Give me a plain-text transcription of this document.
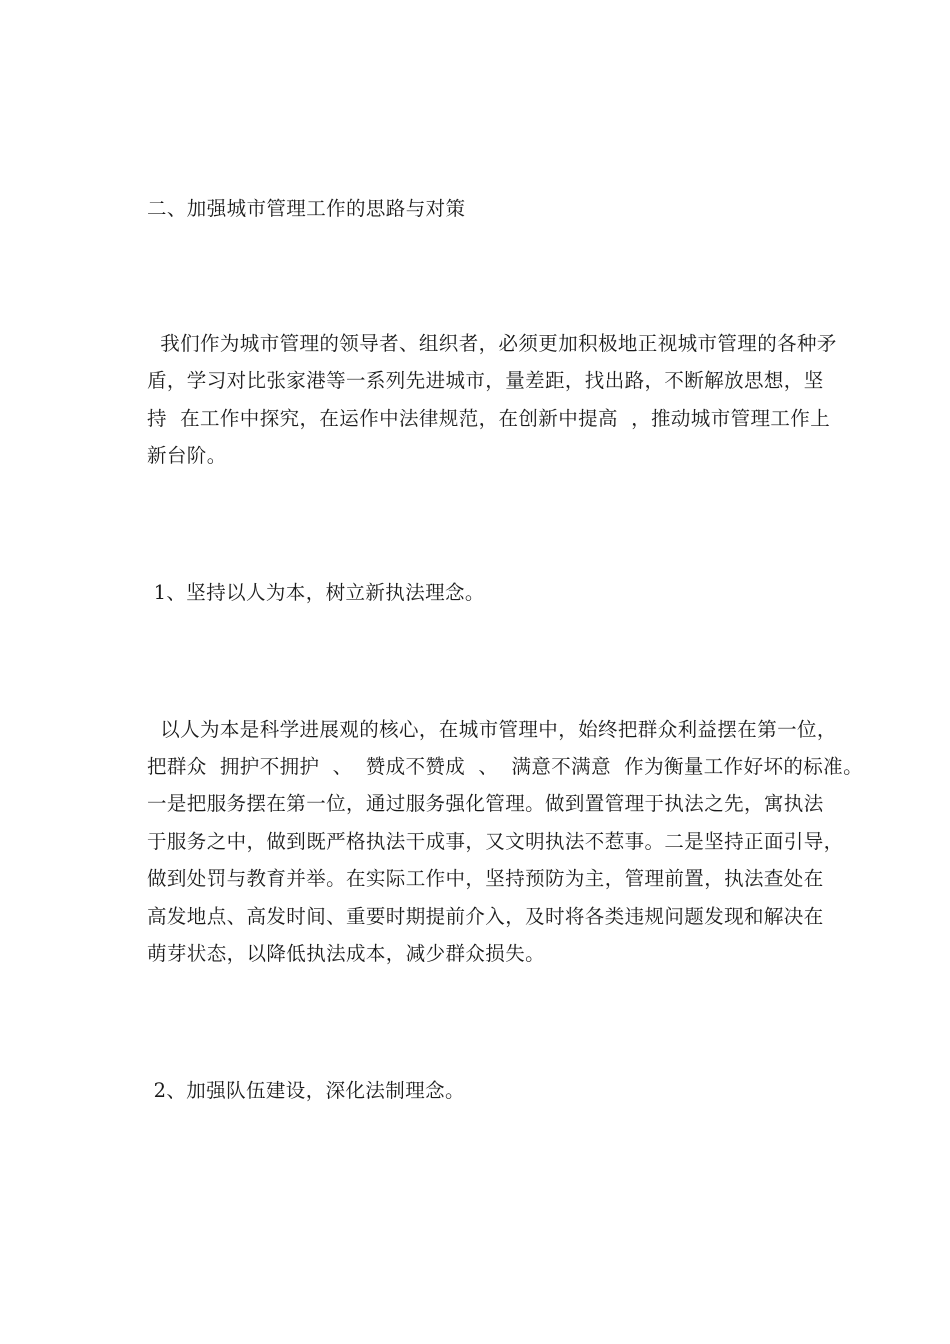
二、加强城市管理工作的思路与对策
我们作为城市管理的领导者、组织者，必须更加积极地正视城市管理的各种矛
盾，学习对比张家港等一系列先进城市，量差距，找出路，不断解放思想，坚
持  在工作中探究，在运作中法律规范，在创新中提高  ，推动城市管理工作上
新台阶。
1、坚持以人为本，树立新执法理念。
以人为本是科学进展观的核心，在城市管理中，始终把群众利益摆在第一位，
把群众  拥护不拥护  、  赞成不赞成  、  满意不满意  作为衡量工作好坏的标准。
一是把服务摆在第一位，通过服务强化管理。做到置管理于执法之先，寓执法
于服务之中，做到既严格执法干成事，又文明执法不惹事。二是坚持正面引导，
做到处罚与教育并举。在实际工作中，坚持预防为主，管理前置，执法查处在
高发地点、高发时间、重要时期提前介入，及时将各类违规问题发现和解决在
萌芽状态，以降低执法成本，减少群众损失。
2、加强队伍建设，深化法制理念。
